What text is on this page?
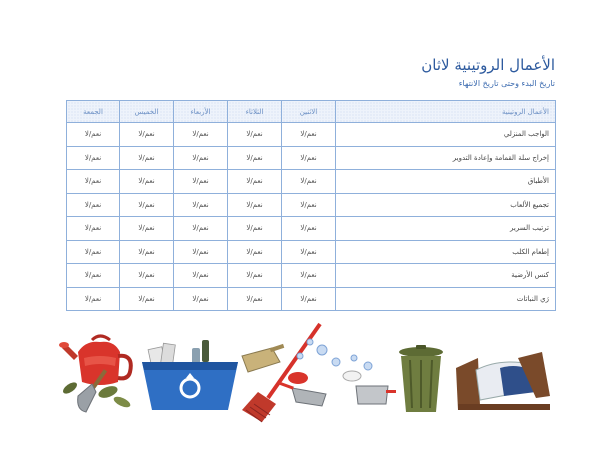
الأعمال الروتينية لاثان
تاريخ البدء وحتى تاريخ الانتهاء
الأعمال الروتينية	الاثنين	الثلاثاء	الأربعاء	الخميس	الجمعة
الواجب المنزلي	نعم/لا	نعم/لا	نعم/لا	نعم/لا	نعم/لا
إخراج سلة القمامة وإعادة التدوير	نعم/لا	نعم/لا	نعم/لا	نعم/لا	نعم/لا
الأطباق	نعم/لا	نعم/لا	نعم/لا	نعم/لا	نعم/لا
تجميع الألعاب	نعم/لا	نعم/لا	نعم/لا	نعم/لا	نعم/لا
ترتيب السرير	نعم/لا	نعم/لا	نعم/لا	نعم/لا	نعم/لا
إطعام الكلب	نعم/لا	نعم/لا	نعم/لا	نعم/لا	نعم/لا
كنس الأرضية	نعم/لا	نعم/لا	نعم/لا	نعم/لا	نعم/لا
رَي النباتات	نعم/لا	نعم/لا	نعم/لا	نعم/لا	نعم/لا
